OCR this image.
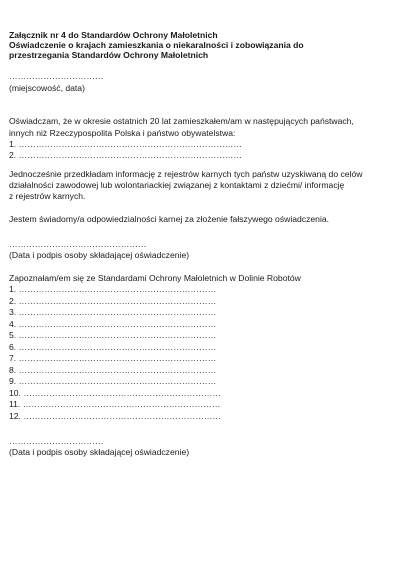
Załącznik nr 4 do Standardów Ochrony Małoletnich
Oświadczenie o krajach zamieszkania o niekaralności i zobowiązania do
przestrzegania Standardów Ochrony Małoletnich
……………………………
(miejscowość, data)
Oświadczam, że w okresie ostatnich 20 lat zamieszkałem/am w następujących państwach,
innych niż Rzeczypospolita Polska i państwo obywatelstwa:
1. ……………………………………………………………………
2. ……………………………………………………………………
Jednocześnie przedkładam informację z rejestrów karnych tych państw uzyskiwaną do celów
działalności zawodowej lub wolontariackiej związanej z kontaktami z dziećmi/ informację
z rejestrów karnych.
Jestem świadomy/a odpowiedzialności karnej za złożenie fałszywego oświadczenia.
…………………………………………
(Data i podpis osoby składającej oświadczenie)
Zapoznałam/em się ze Standardami Ochrony Małoletnich w Dolinie Robotów
1. ……………………………………………………………
2. ……………………………………………………………
3. ……………………………………………………………
4. ……………………………………………………………
5. ……………………………………………………………
6. ……………………………………………………………
7. ……………………………………………………………
8. ……………………………………………………………
9. ……………………………………………………………
10. ……………………………………………………………
11. ……………………………………………………………
12. ……………………………………………………………
……………………………
(Data i podpis osoby składającej oświadczenie)
